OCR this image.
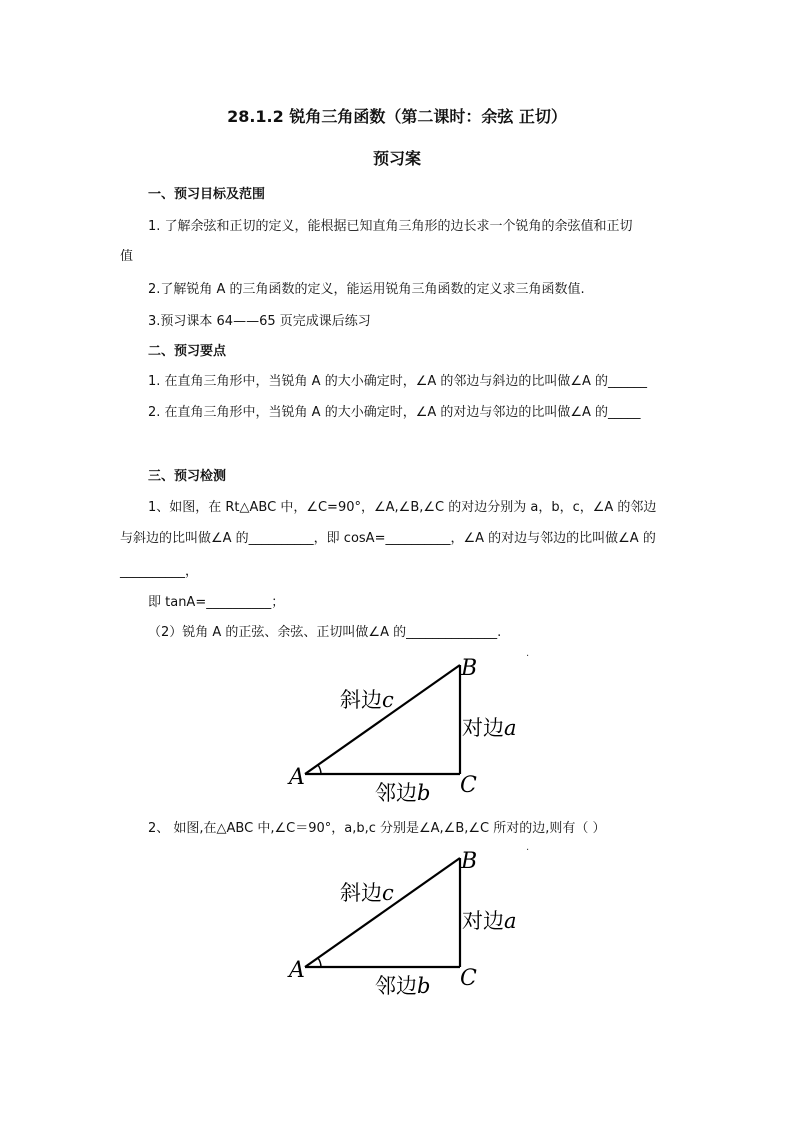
28.1.2 锐角三角函数（第二课时：余弦 正切）
预习案
一、预习目标及范围
1. 了解余弦和正切的定义，能根据已知直角三角形的边长求一个锐角的余弦值和正切
值
2.了解锐角 A 的三角函数的定义，能运用锐角三角函数的定义求三角函数值.
3.预习课本 64——65 页完成课后练习
二、预习要点
1. 在直角三角形中，当锐角 A 的大小确定时，∠A 的邻边与斜边的比叫做∠A 的______
2. 在直角三角形中，当锐角 A 的大小确定时，∠A 的对边与邻边的比叫做∠A 的_____
三、预习检测
1、如图，在 Rt△ABC 中，∠C=90°，∠A,∠B,∠C 的对边分别为 a，b，c，∠A 的邻边
与斜边的比叫做∠A 的__________，即 cosA=__________，∠A 的对边与邻边的比叫做∠A 的
__________，
即 tanA=__________；
（2）锐角 A 的正弦、余弦、正切叫做∠A 的______________.
.
A
B
C
斜边c
对边a
邻边b
2、 如图,在△ABC 中,∠C＝90°，a,b,c 分别是∠A,∠B,∠C 所对的边,则有（ ）
.
A
B
C
斜边c
对边a
邻边b
